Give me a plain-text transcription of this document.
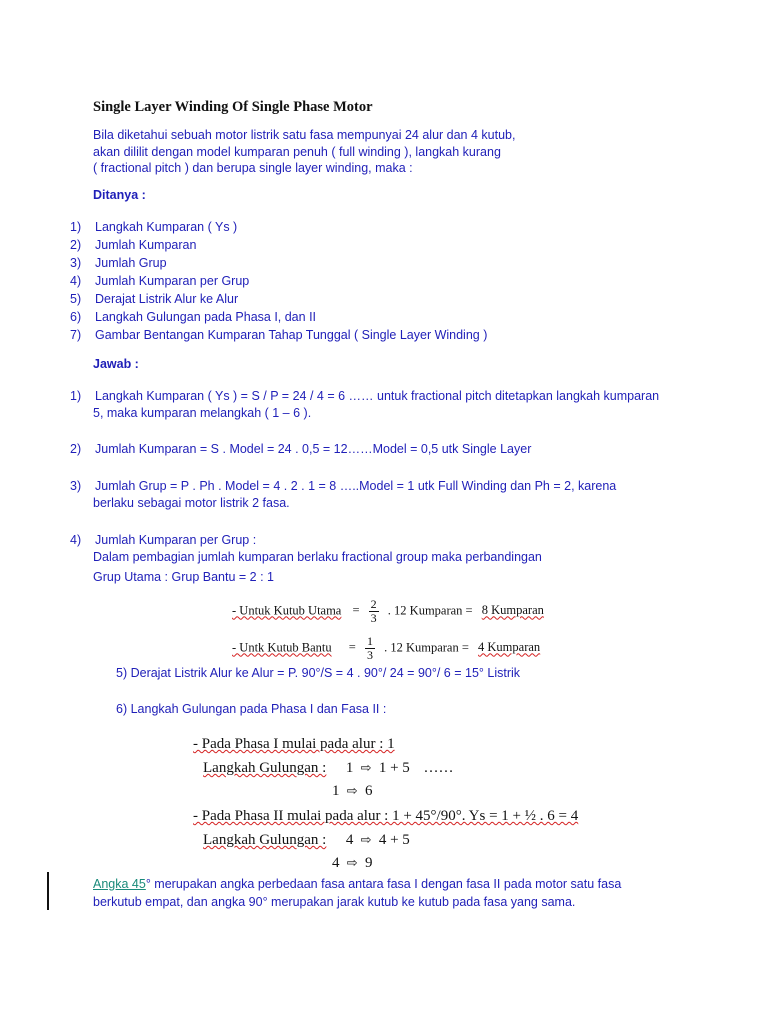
Single Layer Winding Of Single Phase Motor
Bila diketahui sebuah motor listrik satu fasa mempunyai 24 alur dan 4 kutub,
akan dililit dengan model kumparan penuh ( full winding ), langkah kurang
( fractional pitch ) dan berupa single layer winding, maka :
Ditanya :
1) Langkah Kumparan ( Ys )
2) Jumlah Kumparan
3) Jumlah Grup
4) Jumlah Kumparan per Grup
5) Derajat Listrik Alur ke Alur
6) Langkah Gulungan pada Phasa I, dan II
7) Gambar Bentangan Kumparan Tahap Tunggal ( Single Layer Winding )
Jawab :
1) Langkah Kumparan ( Ys ) = S / P = 24 / 4 = 6 …… untuk fractional pitch ditetapkan langkah kumparan
5, maka kumparan melangkah ( 1 – 6 ).
2) Jumlah Kumparan = S . Model = 24 . 0,5 = 12……Model = 0,5 utk Single Layer
3) Jumlah Grup = P . Ph . Model = 4 . 2 . 1 = 8 …..Model = 1 utk Full Winding dan Ph = 2, karena
berlaku sebagai motor listrik 2 fasa.
4) Jumlah Kumparan per Grup :
Dalam pembagian jumlah kumparan berlaku fractional group maka perbandingan
Grup Utama : Grup Bantu = 2 : 1
- Untuk Kutub Utama = $\frac{2}{3}$ . 12 Kumparan = 8 Kumparan
- Untk Kutub Bantu = $\frac{1}{3}$ . 12 Kumparan = 4 Kumparan
5) Derajat Listrik Alur ke Alur = P. 90°/S = 4 . 90°/ 24 = 90°/ 6 = 15° Listrik
6) Langkah Gulungan pada Phasa I dan Fasa II :
- Pada Phasa I mulai pada alur : 1
Langkah Gulungan : 1 ⇨ 1 + 5 ……
1 ⇨ 6
- Pada Phasa II mulai pada alur : 1 + 45°/90°. Ys = 1 + ½ . 6 = 4
Langkah Gulungan : 4 ⇨ 4 + 5
4 ⇨ 9
Angka 45° merupakan angka perbedaan fasa antara fasa I dengan fasa II pada motor satu fasa
berkutub empat, dan angka 90° merupakan jarak kutub ke kutub pada fasa yang sama.
